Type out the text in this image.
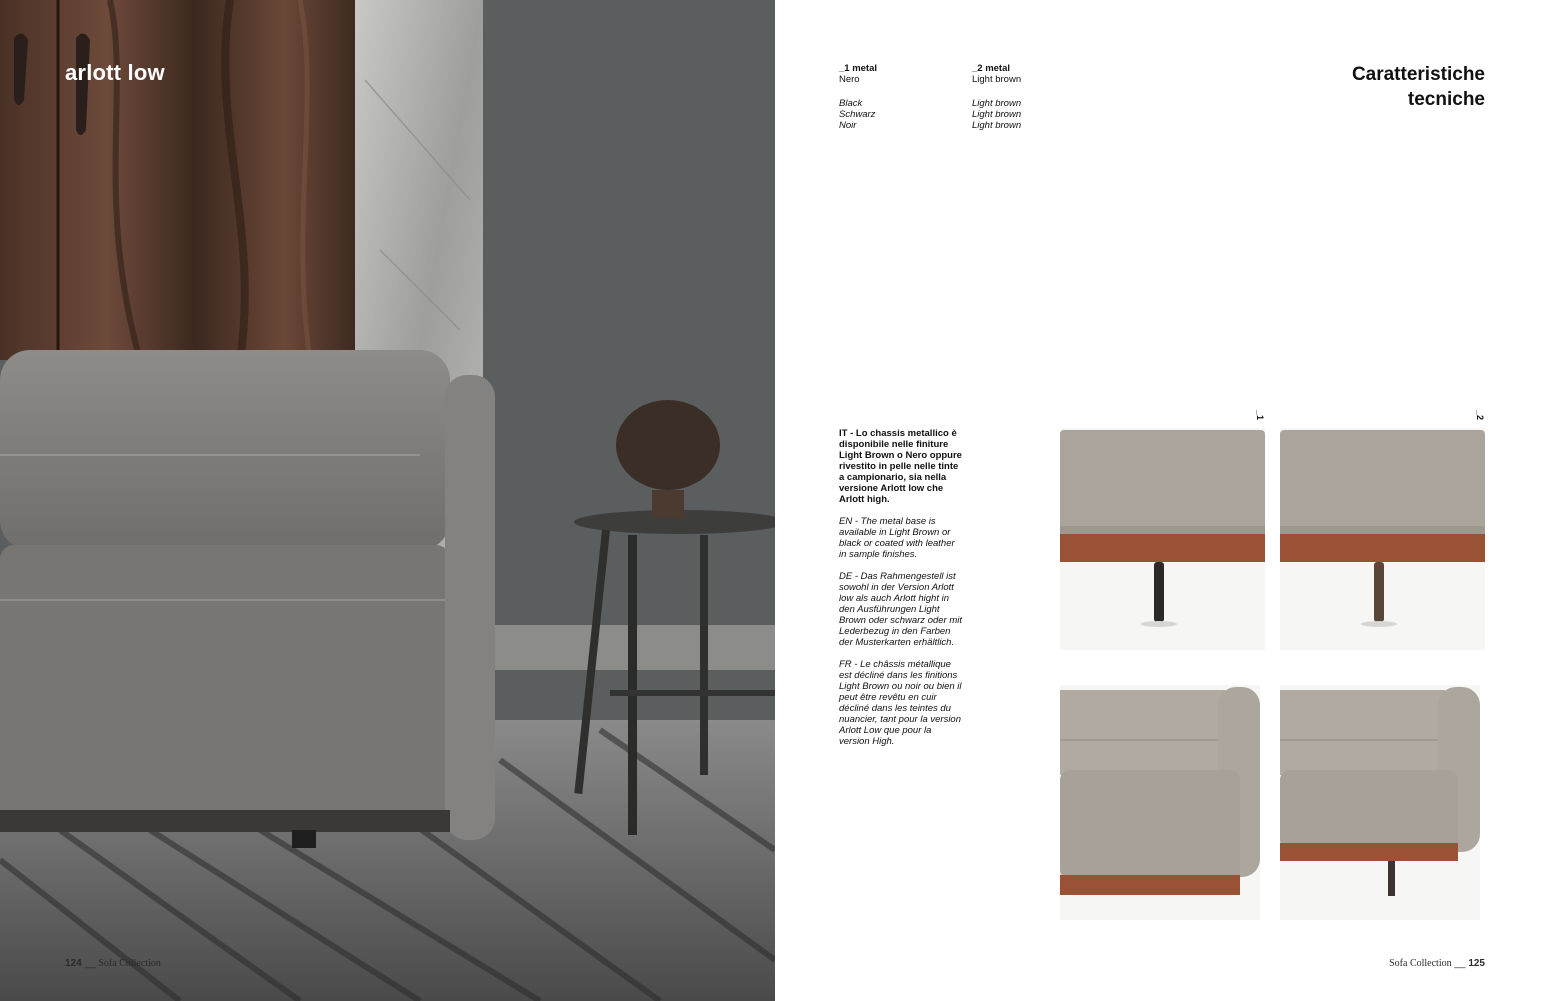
arlott low
124 __ Sofa Collection
_1 metal
Nero
Black
Schwarz
Noir
_2 metal
Light brown
Light brown
Light brown
Light brown
Caratteristiche
tecniche

IT - Lo chassis metallico è disponibile nelle finiture Light Brown o Nero oppure rivestito in pelle nelle tinte a campionario, sia nella versione Arlott low che Arlott high.

EN - The metal base is available in Light Brown or black or coated with leather in sample finishes.

DE - Das Rahmengestell ist sowohl in der Version Arlott low als auch Arlott hight in den Ausführungen Light Brown oder schwarz oder mit Lederbezug in den Farben der Musterkarten erhältlich.

FR - Le châssis métallique est décliné dans les finitions Light Brown ou noir ou bien il peut être revêtu en cuir décliné dans les teintes du nuancier, tant pour la version Arlott Low que pour la version High.

_1	_2
Sofa Collection __ 125
